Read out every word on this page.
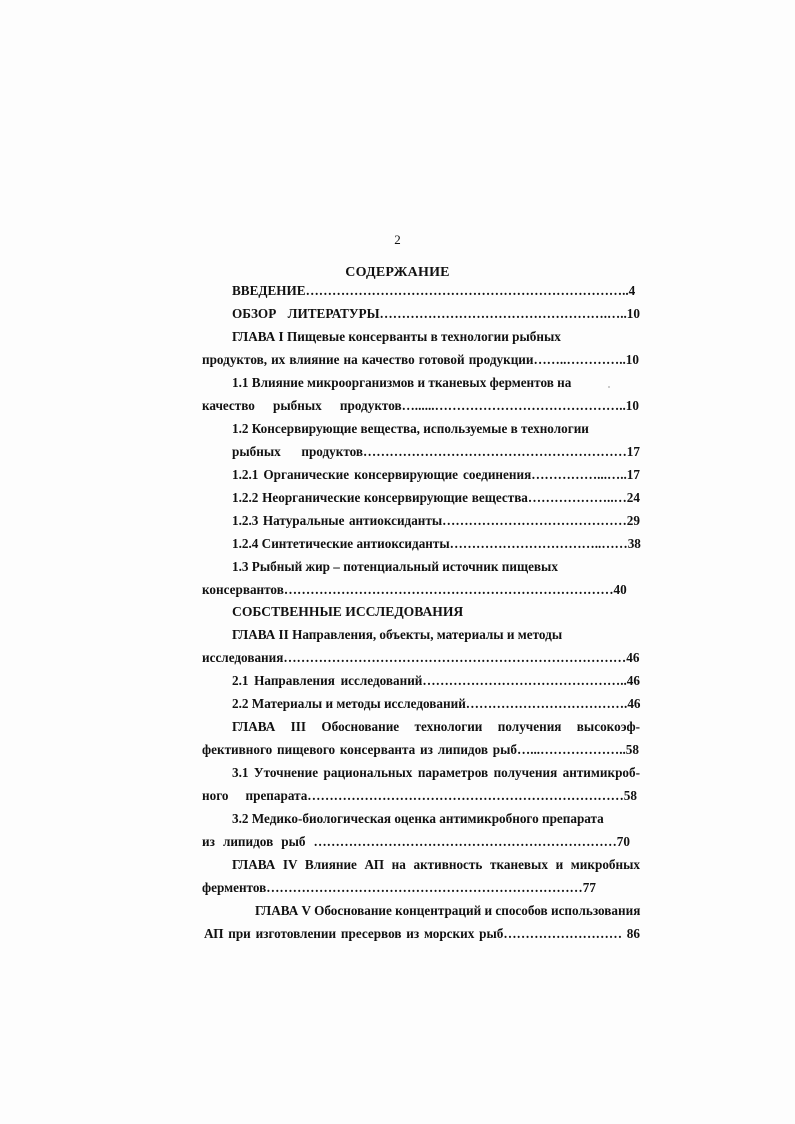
2
СОДЕРЖАНИЕ
ВВЕДЕНИЕ………………………………………………………………..4
ОБЗОР ЛИТЕРАТУРЫ…………………………………………….…..10
ГЛАВА I Пищевые консерванты в технологии рыбных
продуктов, их влияние на качество готовой продукции……..…………..10
1.1 Влияние микроорганизмов и тканевых ферментов на
качество рыбных продуктов…......……………………………………..10
1.2 Консервирующие вещества, используемые в технологии
рыбных продуктов……………………………………………………17
1.2.1 Органические консервирующие соединения……………...…..17
1.2.2 Неорганические консервирующие вещества………………..…24
1.2.3 Натуральные антиоксиданты……………………………………29
1.2.4 Синтетические антиоксиданты……………………………..……38
1.3 Рыбный жир – потенциальный источник пищевых
консервантов…………………………………………………………………40
СОБСТВЕННЫЕ ИССЛЕДОВАНИЯ
ГЛАВА II Направления, объекты, материалы и методы
исследования……………………………………………………………………46
2.1 Направления исследований………………………………………..46
2.2 Материалы и методы исследований……………………………….46
ГЛАВА III Обоснование технологии получения высокоэф-
фективного пищевого консерванта из липидов рыб…...………………..58
3.1 Уточнение рациональных параметров получения антимикроб-
ного препарата………………………………………………………………58
3.2 Медико-биологическая оценка антимикробного препарата
из липидов рыб ……………………………………………………………70
ГЛАВА IV Влияние АП на активность тканевых и микробных
ферментов………………………………………………………………77
ГЛАВА V Обоснование концентраций и способов использования
АП при изготовлении пресервов из морских рыб……………………… 86
